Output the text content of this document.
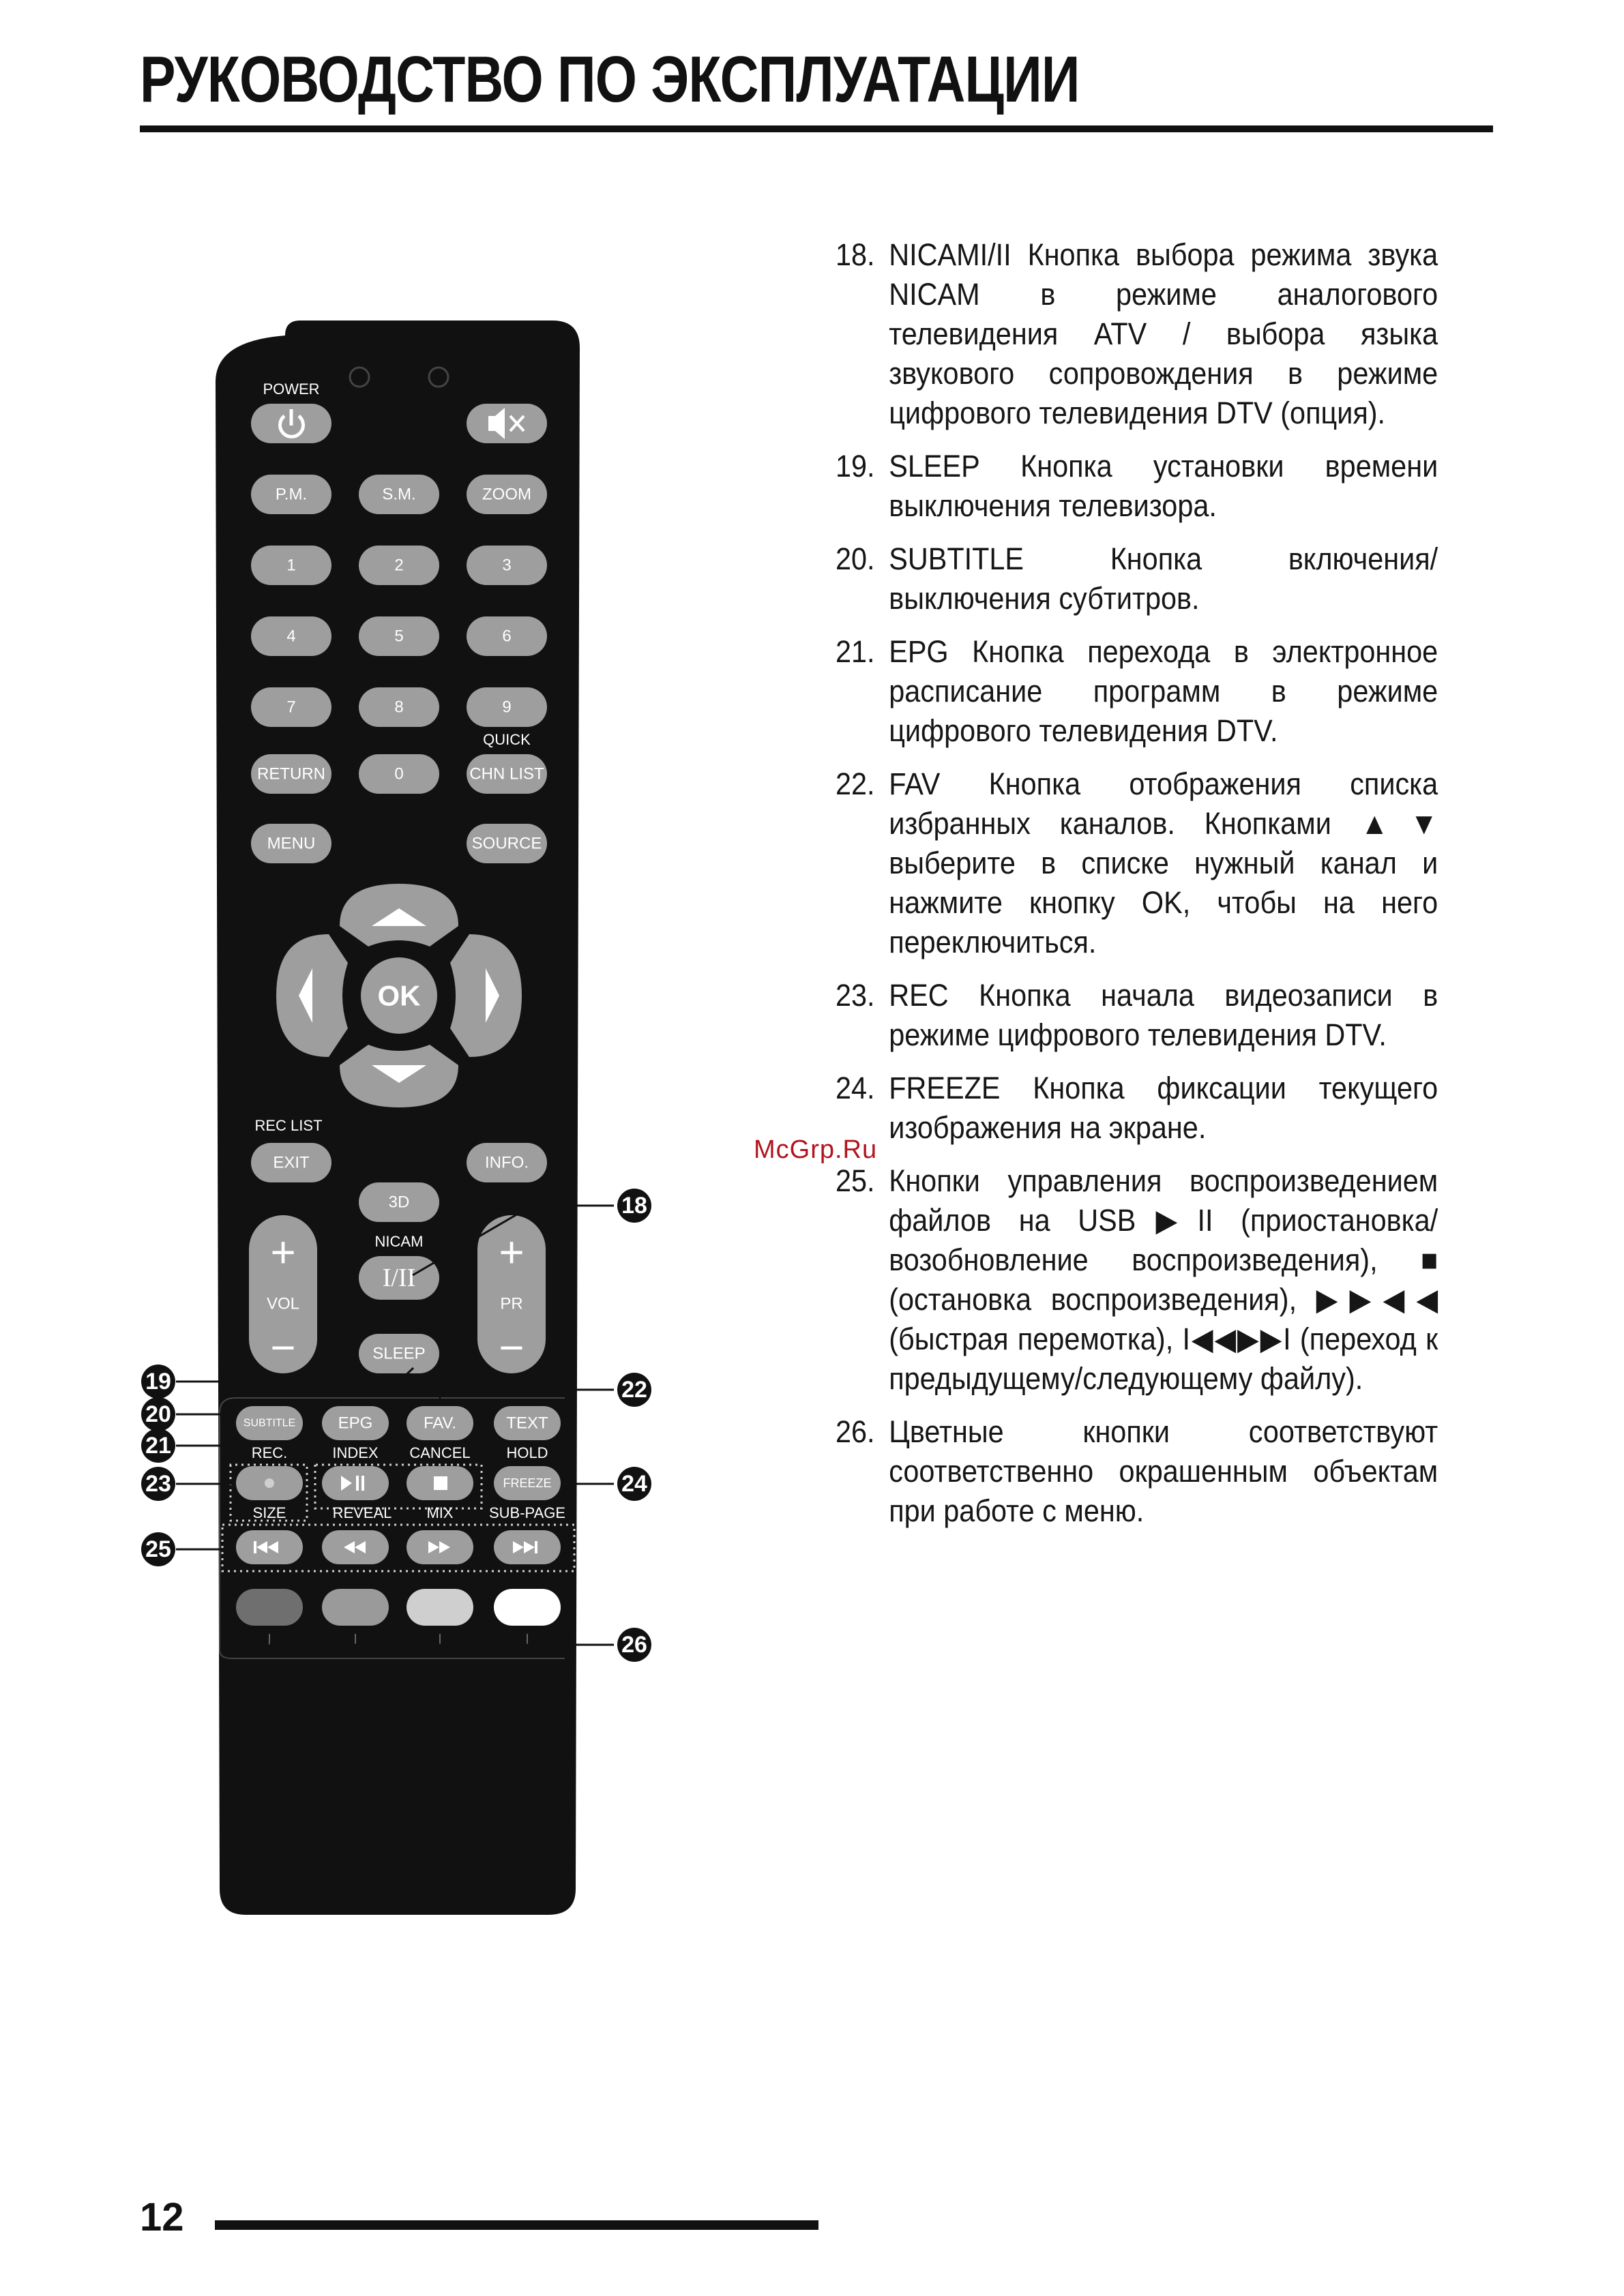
РУКОВОДСТВО ПО ЭКСПЛУАТАЦИИ
POWER
P.M.	S.M.	ZOOM
1	2	3
4	5	6
7	8	9
QUICK
RETURN	0	CHN LIST
MENU	SOURCE
OK
REC LIST
EXIT	INFO.
3D
+
VOL
−
+
PR
−
NICAM
I/II
SLEEP
SUBTITLE	EPG	FAV.	TEXT
REC.	INDEX CANCEL HOLD
FREEZE
SIZE	REVEAL MIX SUB-PAGE
18
19
20
21
22
23	24
25
26
McGrp.Ru
18. NICAMI/II Кнопка выбора режима звука NICAM в режиме аналогового телевидения ATV / выбора языка звукового сопровождения в режиме цифрового телевидения DTV (опция).
19. SLEEP Кнопка установки времени выключения телевизора.
20. SUBTITLE Кнопка включения/выключения субтитров.
21. EPG Кнопка перехода в электронное расписание программ в режиме цифрового телевидения DTV.
22. FAV Кнопка отображения списка избранных каналов. Кнопками ▲▼ выберите в списке нужный канал и нажмите кнопку OK, чтобы на него переключиться.
23. REC Кнопка начала видеозаписи в режиме цифрового телевидения DTV.
24. FREEZE Кнопка фиксации текущего изображения на экране.
25. Кнопки управления воспроизведением файлов на USB▶II (приостановка/возобновление воспроизведения), ■ (остановка воспроизведения), ▶▶◀◀ (быстрая перемотка), I◀◀▶▶I (переход к предыдущему/следующему файлу).
26. Цветные кнопки соответствуют соответственно окрашенным объектам при работе с меню.
12
